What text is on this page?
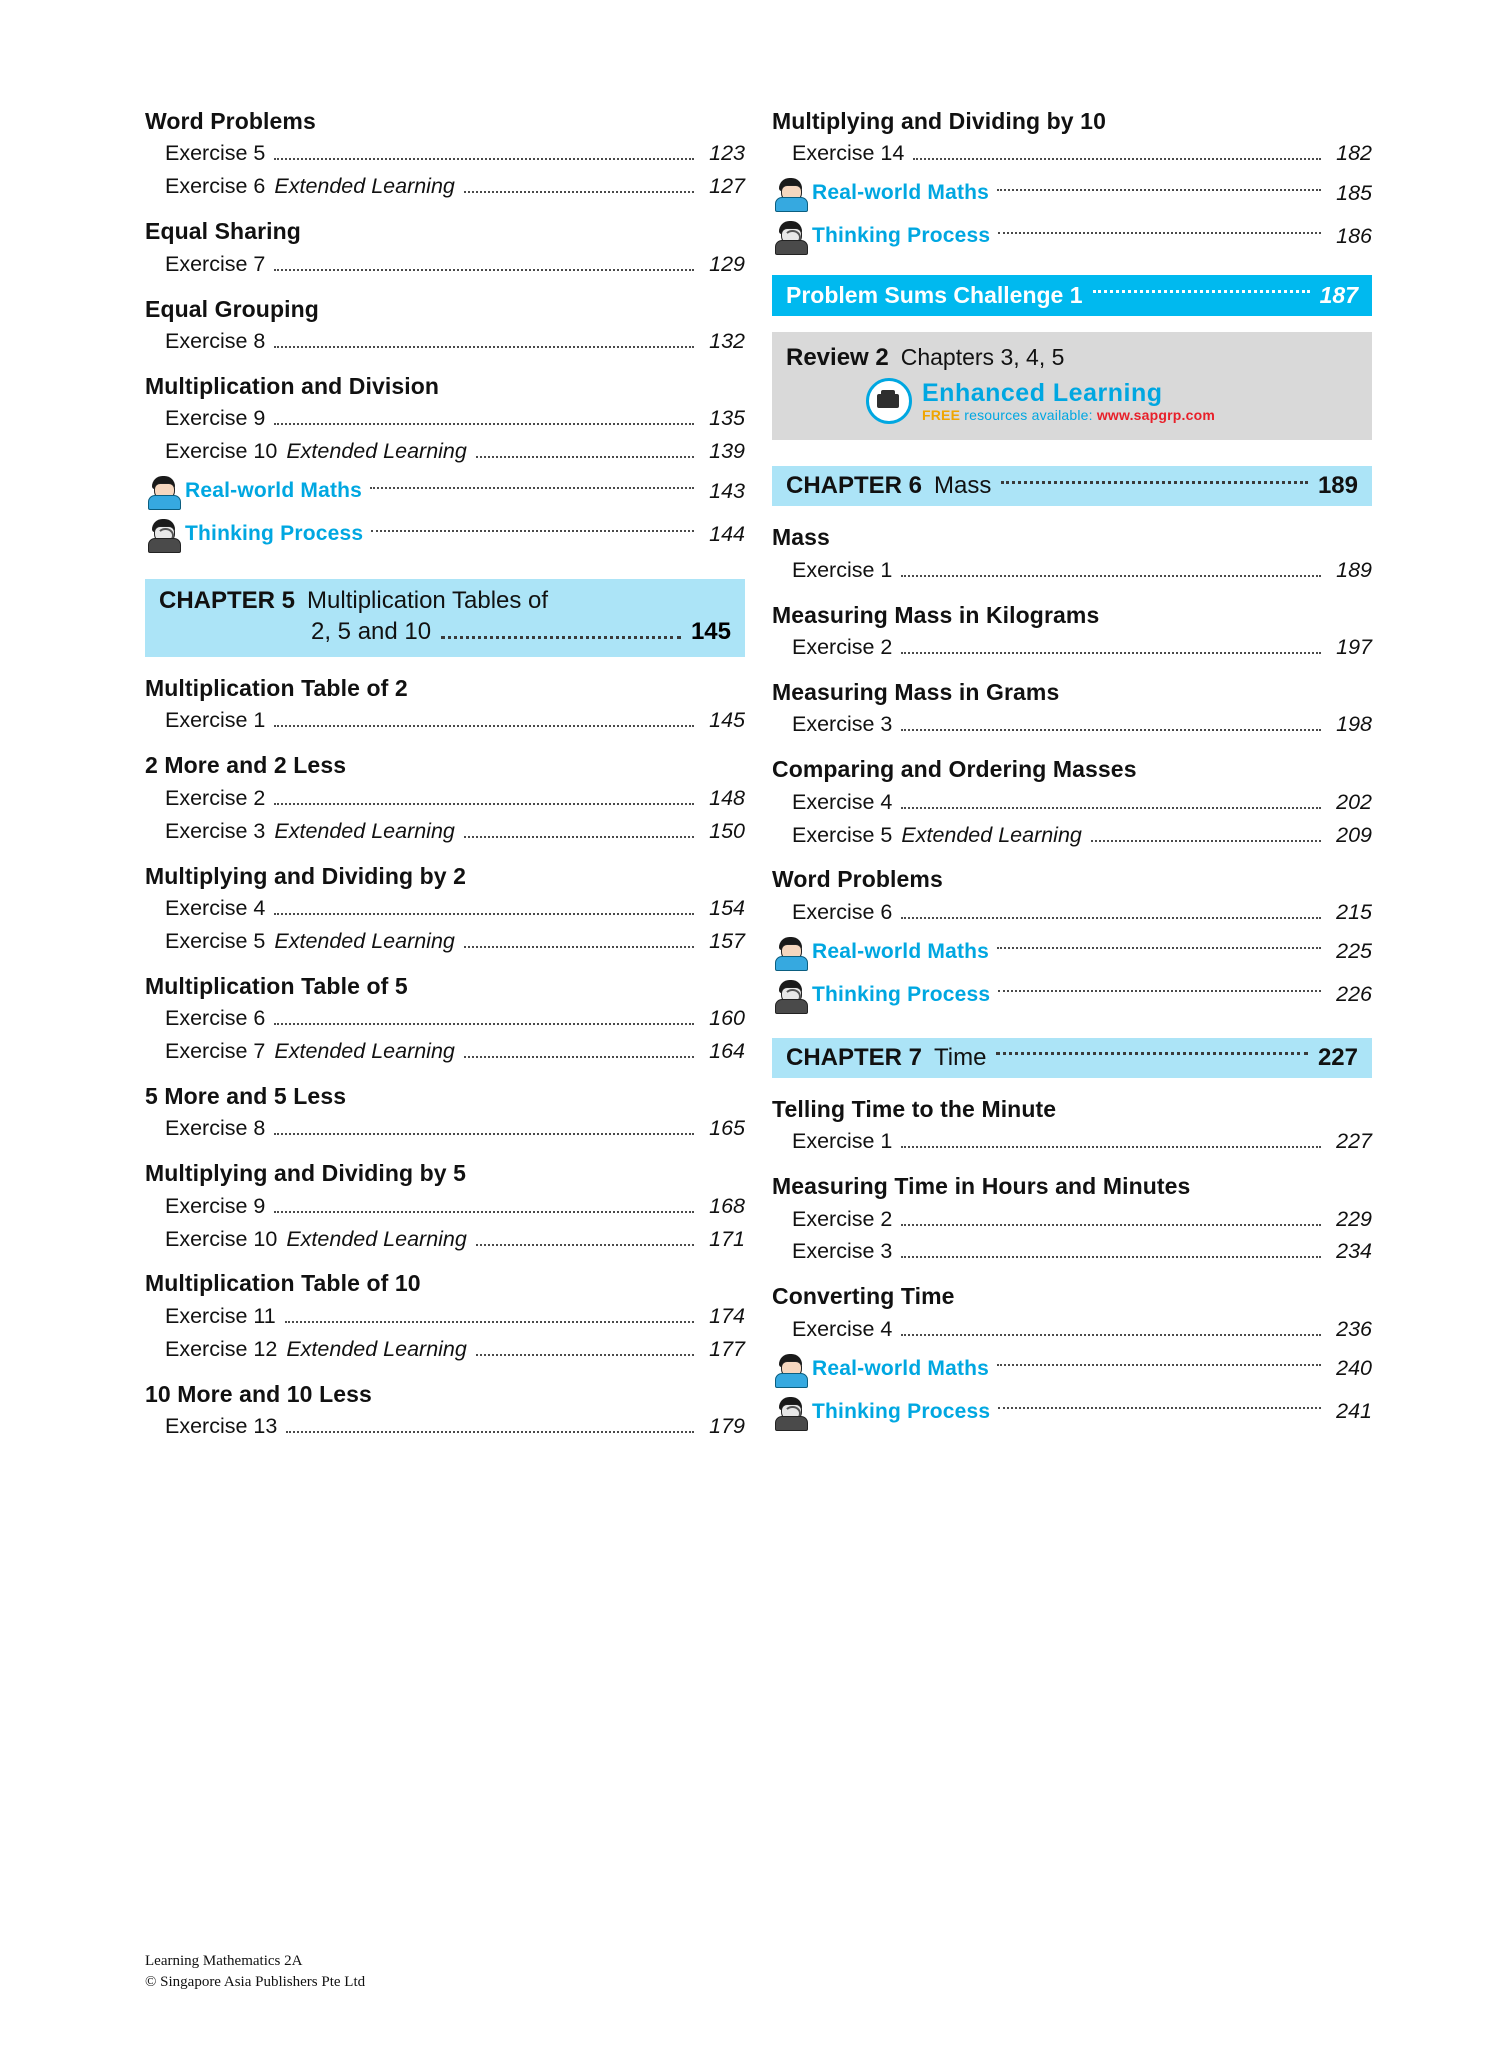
Word Problems
Exercise 5	123
Exercise 6 Extended Learning	127
Equal Sharing
Exercise 7	129
Equal Grouping
Exercise 8	132
Multiplication and Division
Exercise 9	135
Exercise 10 Extended Learning	139
Real-world Maths	143
Thinking Process	144
CHAPTER 5 Multiplication Tables of
2, 5 and 10	145
Multiplication Table of 2
Exercise 1	145
2 More and 2 Less
Exercise 2	148
Exercise 3 Extended Learning	150
Multiplying and Dividing by 2
Exercise 4	154
Exercise 5 Extended Learning	157
Multiplication Table of 5
Exercise 6	160
Exercise 7 Extended Learning	164
5 More and 5 Less
Exercise 8	165
Multiplying and Dividing by 5
Exercise 9	168
Exercise 10 Extended Learning	171
Multiplication Table of 10
Exercise 11	174
Exercise 12 Extended Learning	177
10 More and 10 Less
Exercise 13	179
Multiplying and Dividing by 10
Exercise 14	182
Real-world Maths	185
Thinking Process	186
Problem Sums Challenge 1	187
Review 2 Chapters 3, 4, 5
Enhanced Learning
FREE resources available: www.sapgrp.com
CHAPTER 6 Mass	189
Mass
Exercise 1	189
Measuring Mass in Kilograms
Exercise 2	197
Measuring Mass in Grams
Exercise 3	198
Comparing and Ordering Masses
Exercise 4	202
Exercise 5 Extended Learning	209
Word Problems
Exercise 6	215
Real-world Maths	225
Thinking Process	226
CHAPTER 7 Time	227
Telling Time to the Minute
Exercise 1	227
Measuring Time in Hours and Minutes
Exercise 2	229
Exercise 3	234
Converting Time
Exercise 4	236
Real-world Maths	240
Thinking Process	241
Learning Mathematics 2A
© Singapore Asia Publishers Pte Ltd
